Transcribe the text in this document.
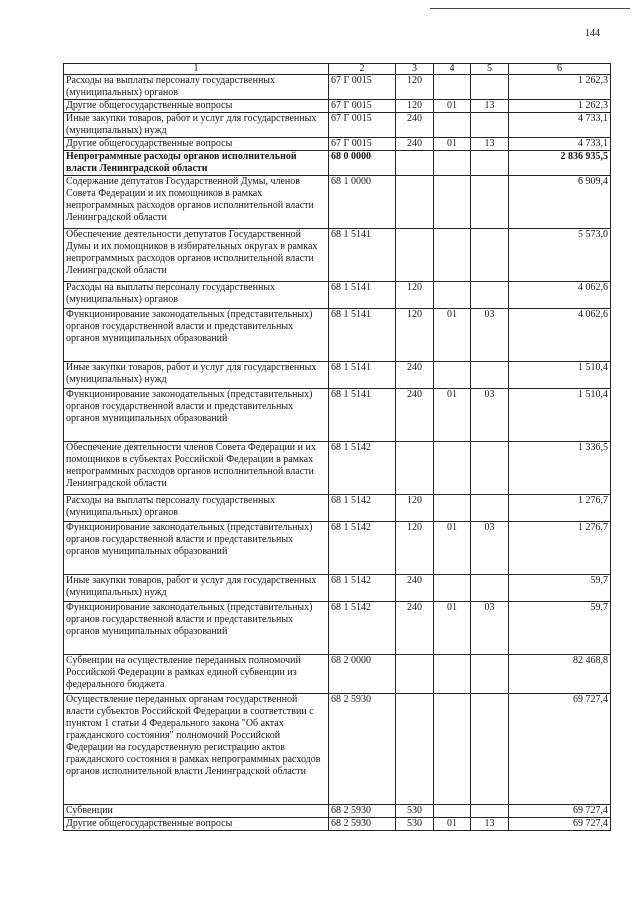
144
1	2	3	4	5	6
Расходы на выплаты персоналу государственных (муниципальных) органов	67 Г 0015	120			1 262,3
Другие общегосударственные вопросы	67 Г 0015	120	01	13	1 262,3
Иные закупки товаров, работ и услуг для государственных (муниципальных) нужд	67 Г 0015	240			4 733,1
Другие общегосударственные вопросы	67 Г 0015	240	01	13	4 733,1
Непрограммные расходы органов исполнительной власти Ленинградской области	68 0 0000				2 836 935,5
Содержание депутатов Государственной Думы, членов Совета Федерации и их помощников в рамках непрограммных расходов органов исполнительной власти Ленинградской области	68 1 0000				6 909,4
Обеспечение деятельности депутатов Государственной Думы и их помощников в избирательных округах в рамках непрограммных расходов органов исполнительной власти Ленинградской области	68 1 5141				5 573,0
Расходы на выплаты персоналу государственных (муниципальных) органов	68 1 5141	120			4 062,6
Функционирование законодательных (представительных) органов государственной власти и представительных органов муниципальных образований	68 1 5141	120	01	03	4 062,6
Иные закупки товаров, работ и услуг для государственных (муниципальных) нужд	68 1 5141	240			1 510,4
Функционирование законодательных (представительных) органов государственной власти и представительных органов муниципальных образований	68 1 5141	240	01	03	1 510,4
Обеспечение деятельности членов Совета Федерации и их помощников в субъектах Российской Федерации в рамках непрограммных расходов органов исполнительной власти Ленинградской области	68 1 5142				1 336,5
Расходы на выплаты персоналу государственных (муниципальных) органов	68 1 5142	120			1 276,7
Функционирование законодательных (представительных) органов государственной власти и представительных органов муниципальных образований	68 1 5142	120	01	03	1 276,7
Иные закупки товаров, работ и услуг для государственных (муниципальных) нужд	68 1 5142	240			59,7
Функционирование законодательных (представительных) органов государственной власти и представительных органов муниципальных образований	68 1 5142	240	01	03	59,7
Субвенции на осуществление переданных полномочий Российской Федерации в рамках единой субвенции из федерального бюджета	68 2 0000				82 468,8
Осуществление переданных органам государственной власти субъектов Российской Федерации в соответствии с пунктом 1 статьи 4 Федерального закона "Об актах гражданского состояния" полномочий Российской Федерации на государственную регистрацию актов гражданского состояния в рамках непрограммных расходов органов исполнительной власти Ленинградской области	68 2 5930				69 727,4
Субвенции	68 2 5930	530			69 727,4
Другие общегосударственные вопросы	68 2 5930	530	01	13	69 727,4
